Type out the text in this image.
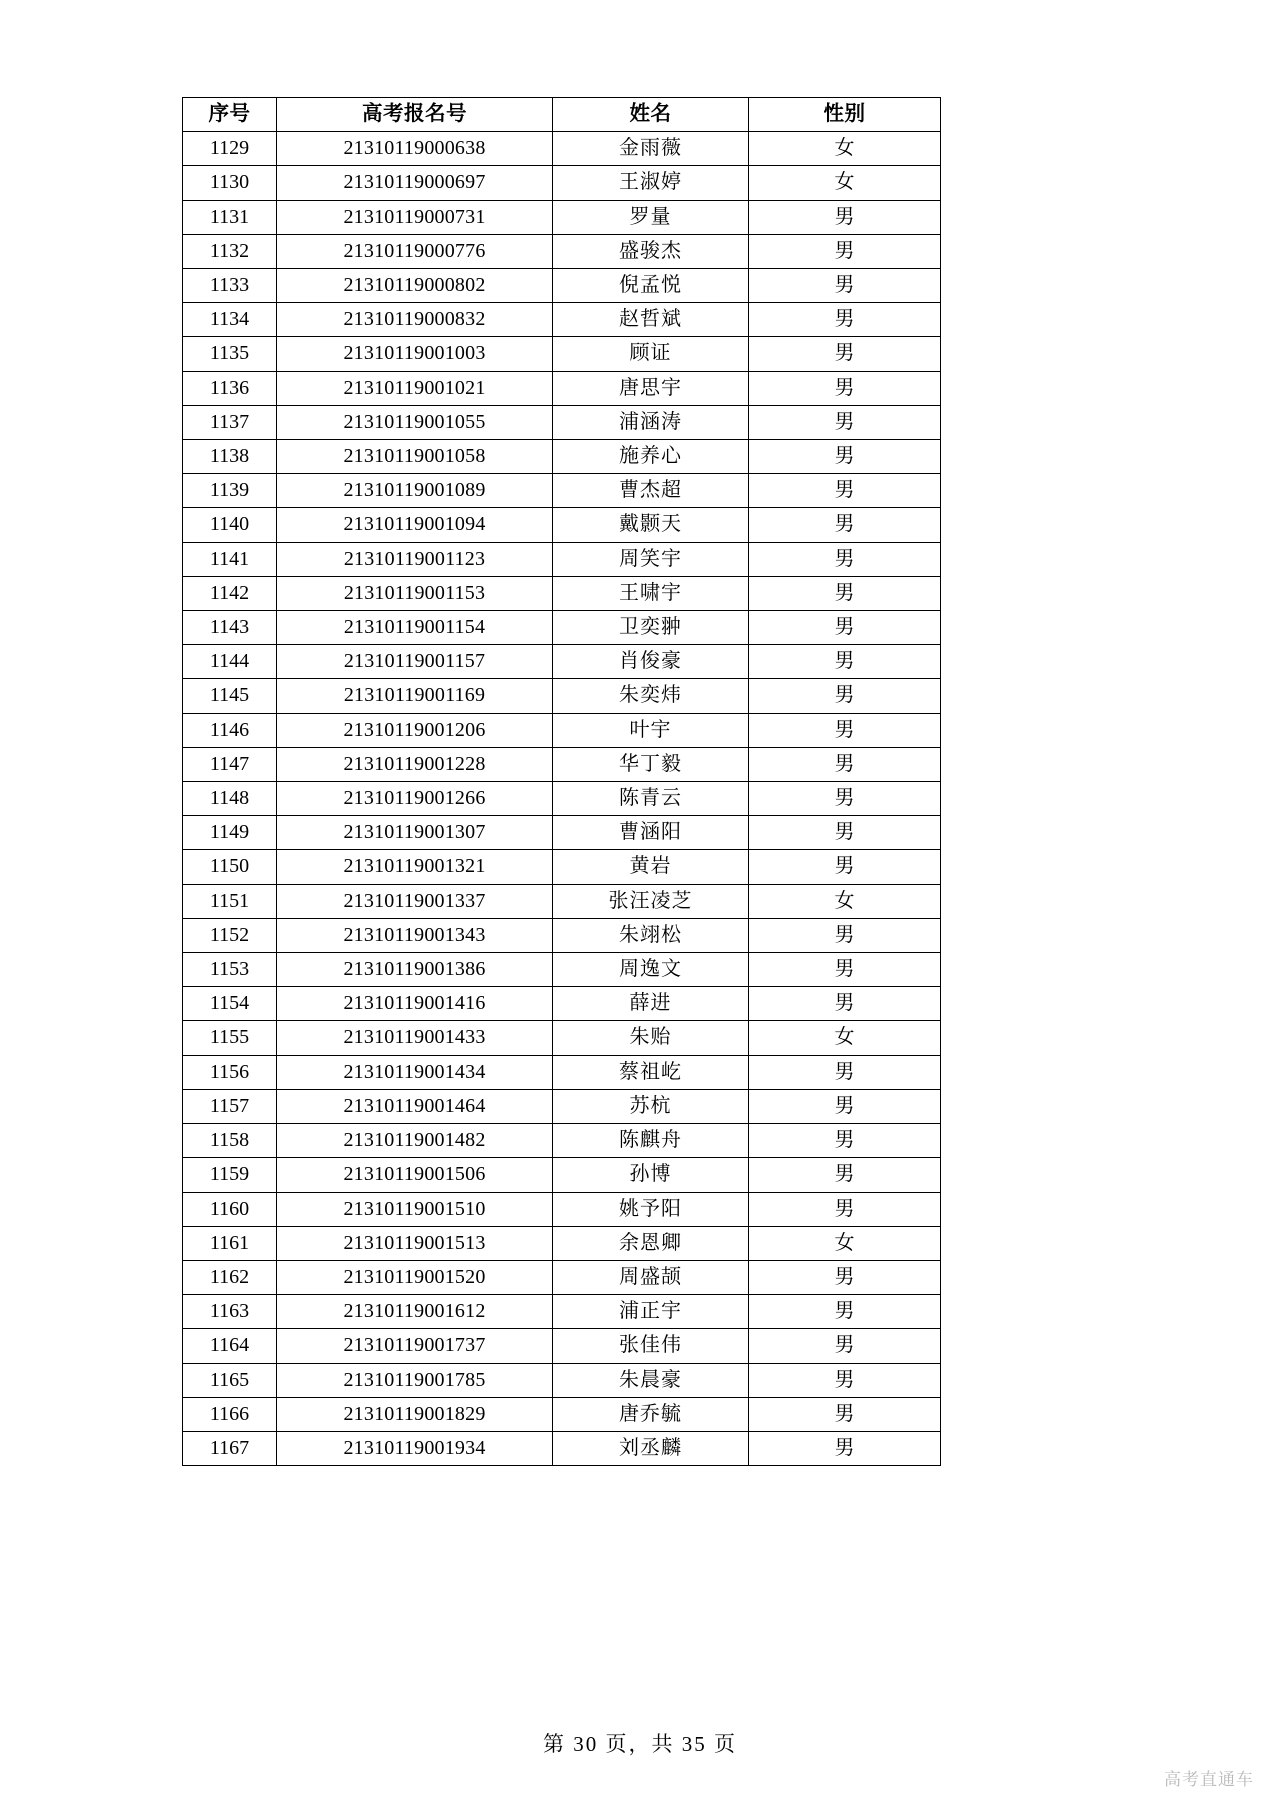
序号	高考报名号	姓名	性别
1129	21310119000638	金雨薇	女
1130	21310119000697	王淑婷	女
1131	21310119000731	罗量	男
1132	21310119000776	盛骏杰	男
1133	21310119000802	倪孟悦	男
1134	21310119000832	赵哲斌	男
1135	21310119001003	顾证	男
1136	21310119001021	唐思宇	男
1137	21310119001055	浦涵涛	男
1138	21310119001058	施养心	男
1139	21310119001089	曹杰超	男
1140	21310119001094	戴颢天	男
1141	21310119001123	周笑宇	男
1142	21310119001153	王啸宇	男
1143	21310119001154	卫奕翀	男
1144	21310119001157	肖俊豪	男
1145	21310119001169	朱奕炜	男
1146	21310119001206	叶宇	男
1147	21310119001228	华丁毅	男
1148	21310119001266	陈青云	男
1149	21310119001307	曹涵阳	男
1150	21310119001321	黄岩	男
1151	21310119001337	张汪凌芝	女
1152	21310119001343	朱翊松	男
1153	21310119001386	周逸文	男
1154	21310119001416	薛进	男
1155	21310119001433	朱贻	女
1156	21310119001434	蔡祖屹	男
1157	21310119001464	苏杭	男
1158	21310119001482	陈麒舟	男
1159	21310119001506	孙博	男
1160	21310119001510	姚予阳	男
1161	21310119001513	余恩卿	女
1162	21310119001520	周盛颉	男
1163	21310119001612	浦正宇	男
1164	21310119001737	张佳伟	男
1165	21310119001785	朱晨豪	男
1166	21310119001829	唐乔毓	男
1167	21310119001934	刘丞麟	男
第 30 页，共 35 页
高考直通车
